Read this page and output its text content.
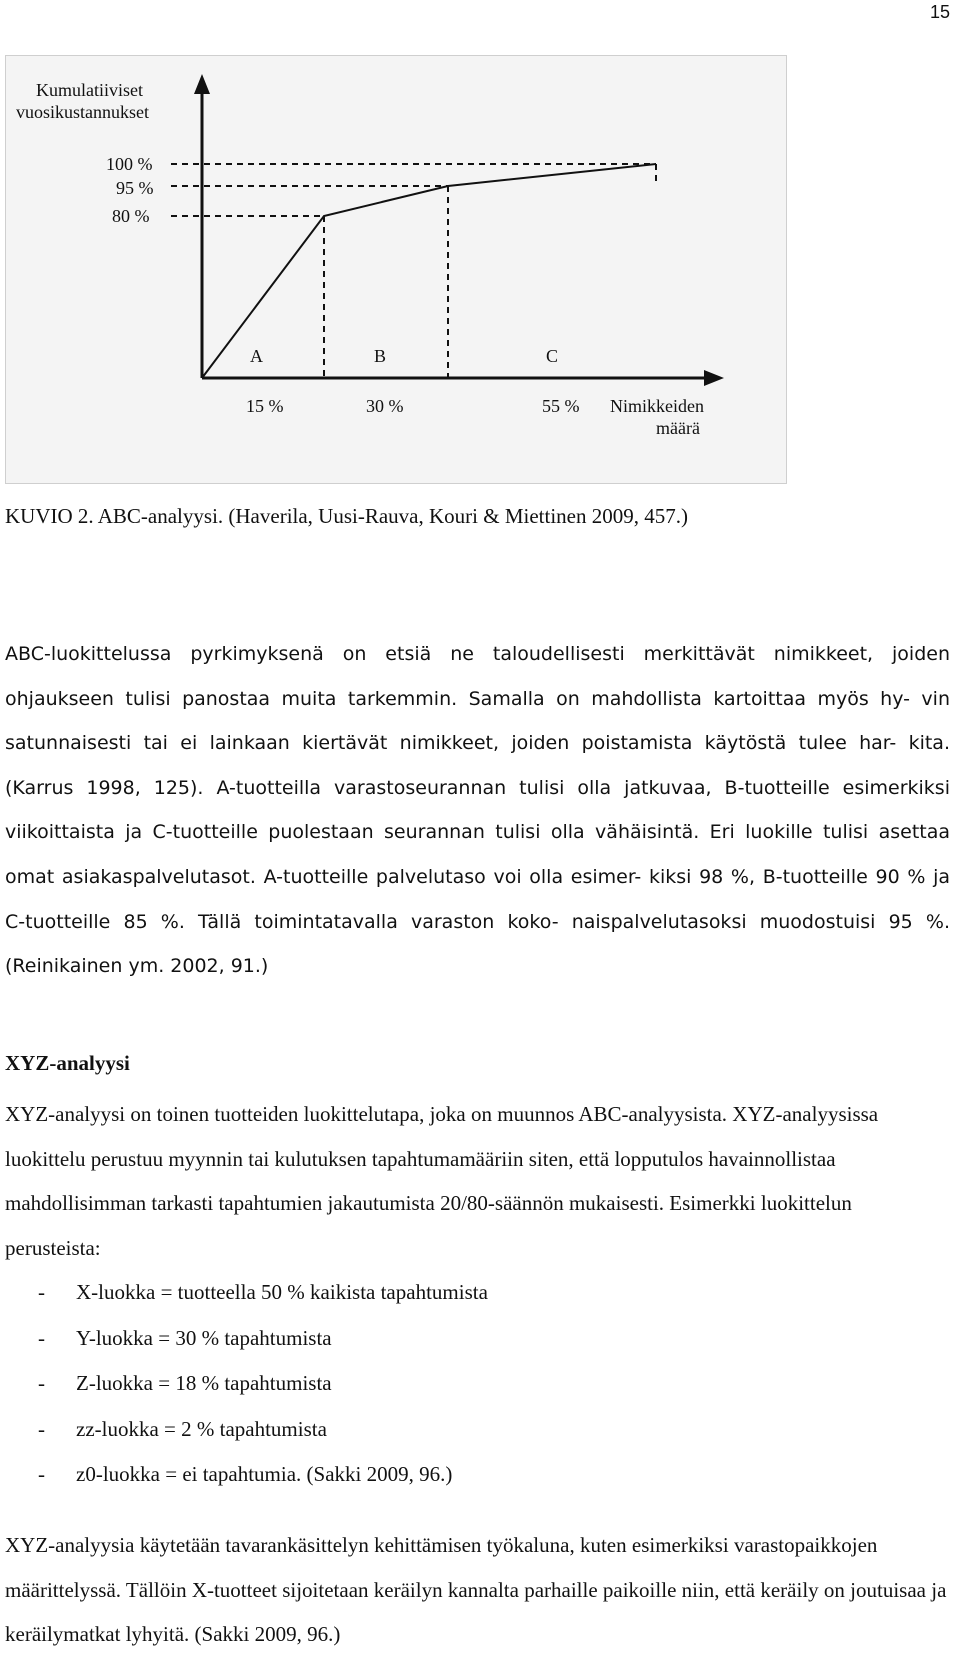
15
Kumulatiiviset
vuosikustannukset
100 %
95 %
80 %
A	B	C
15 %	30 %	55 % Nimikkeiden
määrä
KUVIO 2. ABC-analyysi. (Haverila, Uusi-Rauva, Kouri & Miettinen 2009, 457.)

ABC-luokittelussa pyrkimyksenä on etsiä ne taloudellisesti merkittävät nimikkeet, joiden ohjaukseen tulisi panostaa muita tarkemmin. Samalla on mahdollista kartoittaa myös hy- vin satunnaisesti tai ei lainkaan kiertävät nimikkeet, joiden poistamista käytöstä tulee har- kita. (Karrus 1998, 125). A-tuotteilla varastoseurannan tulisi olla jatkuvaa, B-tuotteille esimerkiksi viikoittaista ja C-tuotteille puolestaan seurannan tulisi olla vähäisintä. Eri luokille tulisi asettaa omat asiakaspalvelutasot. A-tuotteille palvelutaso voi olla esimer- kiksi 98 %, B-tuotteille 90 % ja C-tuotteille 85 %. Tällä toimintatavalla varaston koko- naispalvelutasoksi muodostuisi 95 %. (Reinikainen ym. 2002, 91.)

XYZ-analyysi

XYZ-analyysi on toinen tuotteiden luokittelutapa, joka on muunnos ABC-analyysista. XYZ-analyysissa luokittelu perustuu myynnin tai kulutuksen tapahtumamääriin siten, että lopputulos havainnollistaa mahdollisimman tarkasti tapahtumien jakautumista 20/80-säännön mukaisesti. Esimerkki luokittelun perusteista:

-	X-luokka = tuotteella 50 % kaikista tapahtumista
-	Y-luokka = 30 % tapahtumista
-	Z-luokka = 18 % tapahtumista
-	zz-luokka = 2 % tapahtumista
-	z0-luokka = ei tapahtumia. (Sakki 2009, 96.)

XYZ-analyysia käytetään tavarankäsittelyn kehittämisen työkaluna, kuten esimerkiksi varastopaikkojen määrittelyssä. Tällöin X-tuotteet sijoitetaan keräilyn kannalta parhaille paikoille niin, että keräily on joutuisaa ja keräilymatkat lyhyitä. (Sakki 2009, 96.)
